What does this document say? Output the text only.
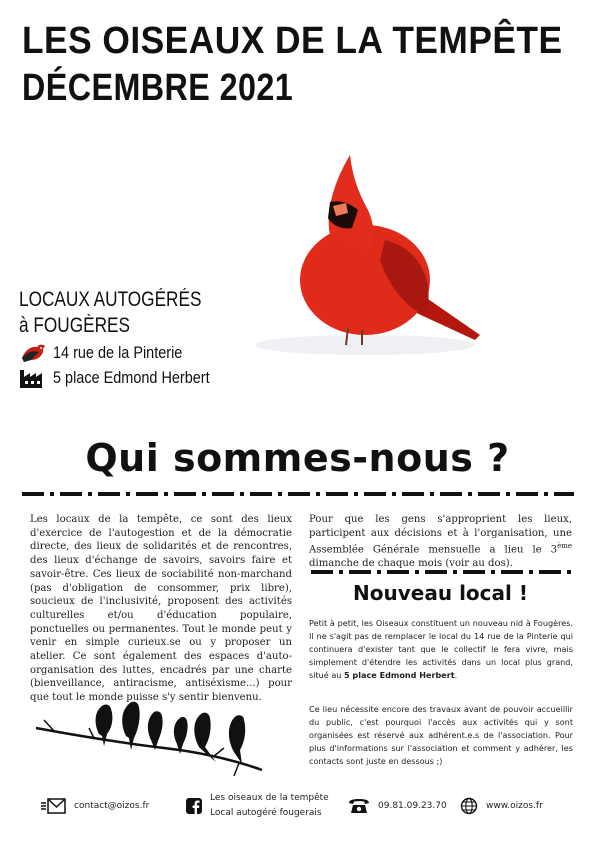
LES OISEAUX DE LA TEMPÊTE
DÉCEMBRE 2021
LOCAUX AUTOGÉRÉS
à FOUGÈRES
14 rue de la Pinterie
5 place Edmond Herbert
Qui sommes-nous ?
Les locaux de la tempête, ce sont des lieux d'exercice de l'autogestion et de la démocratie directe, des lieux de solidarités et de rencontres, des lieux d'échange de savoirs, savoirs faire et savoir-être. Ces lieux de sociabilité non-marchand (pas d'obligation de consommer, prix libre), soucieux de l'inclusivité, proposent des activités culturelles et/ou d'éducation populaire, ponctuelles ou permanentes. Tout le monde peut y venir en simple curieux.se ou y proposer un atelier. Ce sont également des espaces d'auto-organisation des luttes, encadrés par une charte (bienveillance, antiracisme, antiséxisme...) pour que tout le monde puisse s'y sentir bienvenu.
Pour que les gens s'approprient les lieux, participent aux décisions et à l'organisation, une Assemblée Générale mensuelle a lieu le 3ème dimanche de chaque mois (voir au dos).
Nouveau local !
Petit à petit, les Oiseaux constituent un nouveau nid à Fougères. Il ne s'agit pas de remplacer le local du 14 rue de la Pinterie qui continuera d'exister tant que le collectif le fera vivre, mais simplement d'étendre les activités dans un local plus grand, situé au 5 place Edmond Herbert.
Ce lieu nécessite encore des travaux avant de pouvoir accueillir du public, c'est pourquoi l'accès aux activités qui y sont organisées est réservé aux adhérent.e.s de l'association. Pour plus d'informations sur l'association et comment y adhérer, les contacts sont juste en dessous ;)
contact@oizos.fr
Les oiseaux de la tempête
Local autogéré fougerais
09.81.09.23.70	www.oizos.fr
